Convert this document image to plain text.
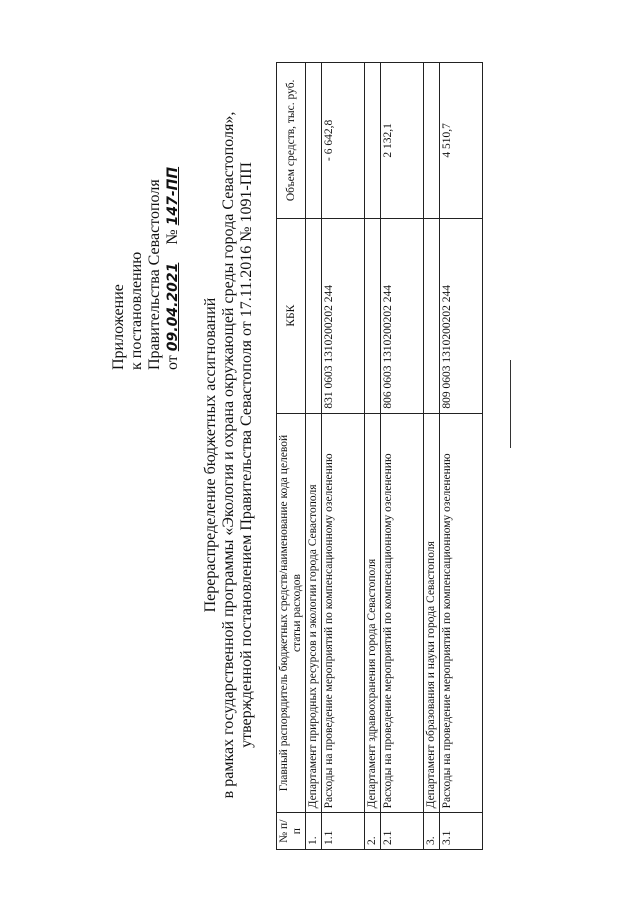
Приложение к постановлению Правительства Севастополя от 09.04.2021  № 147-ПП
Перераспределение бюджетных ассигнований в рамках государственной программы «Экология и охрана окружающей среды города Севастополя», утвержденной постановлением Правительства Севастополя от 17.11.2016 № 1091-ПП
№ п/п	Главный распорядитель бюджетных средств/наименование кода целевой статьи расходов	КБК	Объем средств, тыс. руб.
1.	Департамент природных ресурсов и экологии города Севастополя		
1.1	Расходы на проведение мероприятий по компенсационному озеленению	831 0603 1310200202 244	- 6 642,8
2.	Департамент здравоохранения города Севастополя		
2.1	Расходы на проведение мероприятий по компенсационному озеленению	806 0603 1310200202 244	2 132,1
3.	Департамент образования и науки города Севастополя		
3.1	Расходы на проведение мероприятий по компенсационному озеленению	809 0603 1310200202 244	4 510,7
